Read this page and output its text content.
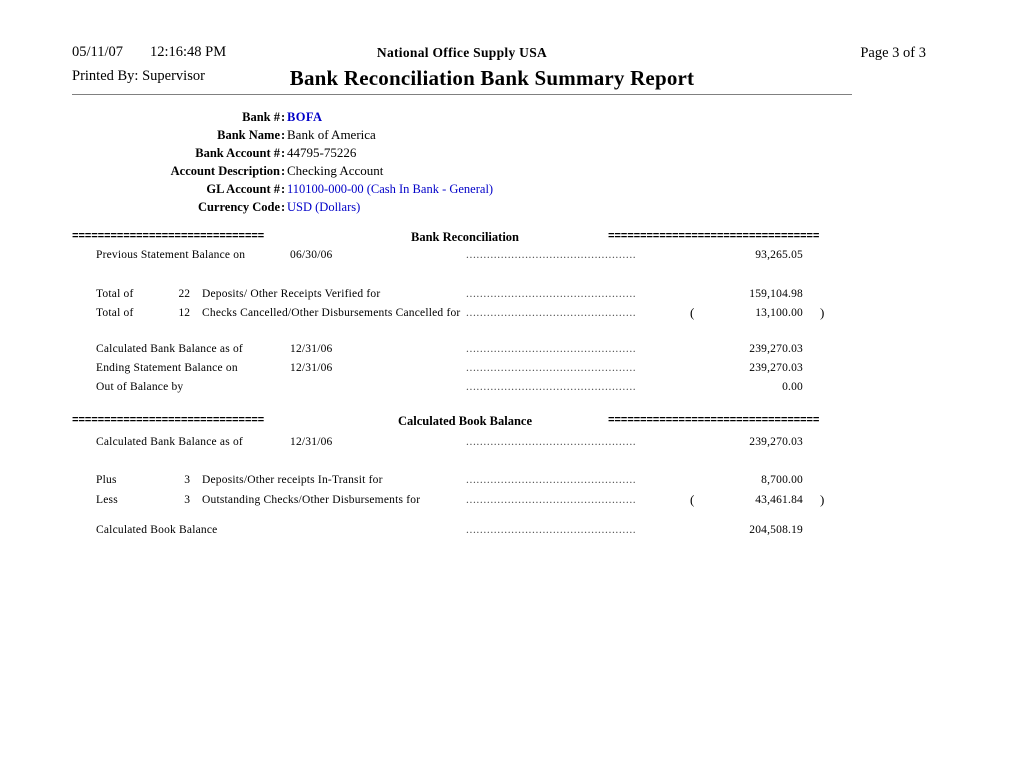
05/11/07 12:16:48 PM
Printed By: Supervisor
National Office Supply USA	Page 3 of 3
Bank Reconciliation Bank Summary Report
Bank # : BOFA
Bank Name : Bank of America
Bank Account # : 44795-75226
Account Description : Checking Account
GL Account # : 110100-000-00 (Cash In Bank - General)
Currency Code : USD (Dollars)
==============================	Bank Reconciliation	=================================
Previous Statement Balance on	06/30/06	.................................................	93,265.05
Total of	22 Deposits/ Other Receipts Verified for	.................................................	159,104.98
Total of	12 Checks Cancelled/Other Disbursements Cancelled for .................................................	(	13,100.00 )
Calculated Bank Balance as of	12/31/06	.................................................	239,270.03
Ending Statement Balance on	12/31/06	.................................................	239,270.03
Out of Balance by	.................................................	0.00
==============================	Calculated Book Balance	=================================
Calculated Bank Balance as of	12/31/06	.................................................	239,270.03
Plus	3 Deposits/Other receipts In-Transit for	.................................................	8,700.00
Less	3 Outstanding Checks/Other Disbursements for	.................................................	(	43,461.84 )
Calculated Book Balance	.................................................	204,508.19
